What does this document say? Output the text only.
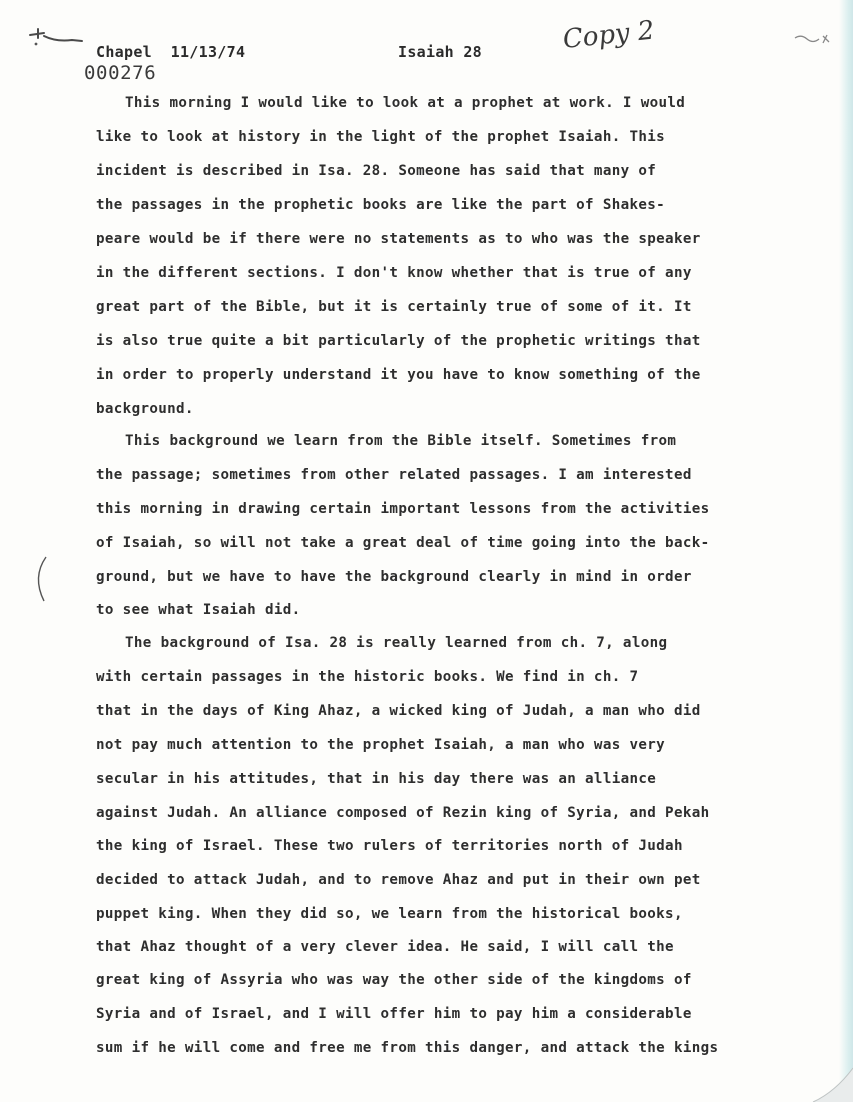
Chapel  11/13/74	Isaiah 28	Copy 2
000276
This morning I would like to look at a prophet at work. I would
like to look at history in the light of the prophet Isaiah. This
incident is described in Isa. 28. Someone has said that many of
the passages in the prophetic books are like the part of Shakes-
peare would be if there were no statements as to who was the speaker
in the different sections. I don't know whether that is true of any
great part of the Bible, but it is certainly true of some of it. It
is also true quite a bit particularly of the prophetic writings that
in order to properly understand it you have to know something of the
background.
This background we learn from the Bible itself. Sometimes from
the passage; sometimes from other related passages. I am interested
this morning in drawing certain important lessons from the activities
of Isaiah, so will not take a great deal of time going into the back-
ground, but we have to have the background clearly in mind in order
to see what Isaiah did.
The background of Isa. 28 is really learned from ch. 7, along
with certain passages in the historic books. We find in ch. 7
that in the days of King Ahaz, a wicked king of Judah, a man who did
not pay much attention to the prophet Isaiah, a man who was very
secular in his attitudes, that in his day there was an alliance
against Judah. An alliance composed of Rezin king of Syria, and Pekah
the king of Israel. These two rulers of territories north of Judah
decided to attack Judah, and to remove Ahaz and put in their own pet
puppet king. When they did so, we learn from the historical books,
that Ahaz thought of a very clever idea. He said, I will call the
great king of Assyria who was way the other side of the kingdoms of
Syria and of Israel, and I will offer him to pay him a considerable
sum if he will come and free me from this danger, and attack the kings
